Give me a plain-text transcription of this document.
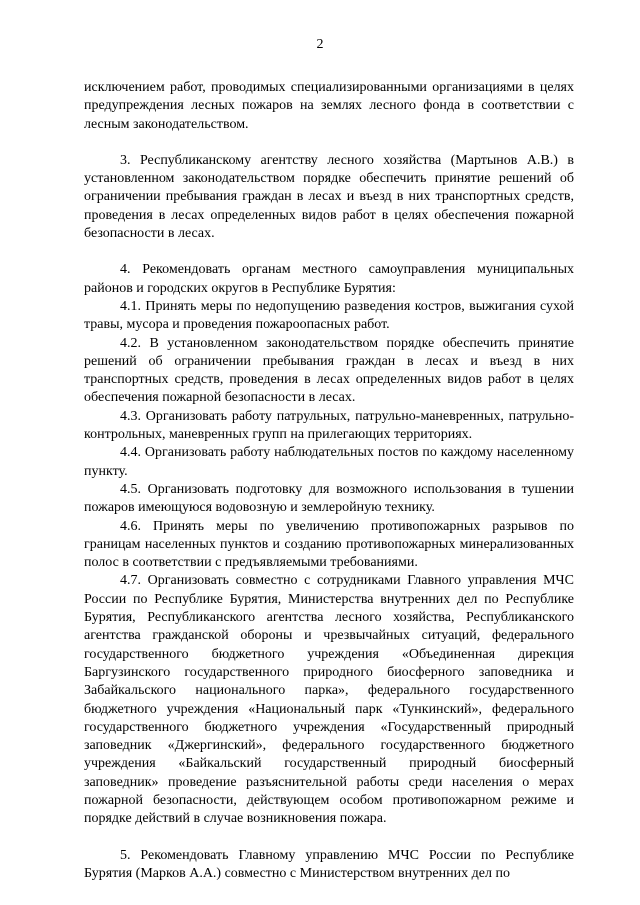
2

исключением работ, проводимых специализированными организациями в целях предупреждения лесных пожаров на землях лесного фонда в соответствии с лесным законодательством.

3. Республиканскому агентству лесного хозяйства (Мартынов А.В.) в установленном законодательством порядке обеспечить принятие решений об ограничении пребывания граждан в лесах и въезд в них транспортных средств, проведения в лесах определенных видов работ в целях обеспечения пожарной безопасности в лесах.

4. Рекомендовать органам местного самоуправления муниципальных районов и городских округов в Республике Бурятия:

4.1. Принять меры по недопущению разведения костров, выжигания сухой травы, мусора и проведения пожароопасных работ.

4.2. В установленном законодательством порядке обеспечить принятие решений об ограничении пребывания граждан в лесах и въезд в них транспортных средств, проведения в лесах определенных видов работ в целях обеспечения пожарной безопасности в лесах.

4.3. Организовать работу патрульных, патрульно-маневренных, патрульно-контрольных, маневренных групп на прилегающих территориях.

4.4. Организовать работу наблюдательных постов по каждому населенному пункту.

4.5. Организовать подготовку для возможного использования в тушении пожаров имеющуюся водовозную и землеройную технику.

4.6. Принять меры по увеличению противопожарных разрывов по границам населенных пунктов и созданию противопожарных минерализованных полос в соответствии с предъявляемыми требованиями.

4.7. Организовать совместно с сотрудниками Главного управления МЧС России по Республике Бурятия, Министерства внутренних дел по Республике Бурятия, Республиканского агентства лесного хозяйства, Республиканского агентства гражданской обороны и чрезвычайных ситуаций, федерального государственного бюджетного учреждения «Объединенная дирекция Баргузинского государственного природного биосферного заповедника и Забайкальского национального парка», федерального государственного бюджетного учреждения «Национальный парк «Тункинский», федерального государственного бюджетного учреждения «Государственный природный заповедник «Джергинский», федерального государственного бюджетного учреждения «Байкальский государственный природный биосферный заповедник» проведение разъяснительной работы среди населения о мерах пожарной безопасности, действующем особом противопожарном режиме и порядке действий в случае возникновения пожара.

5. Рекомендовать Главному управлению МЧС России по Республике Бурятия (Марков А.А.) совместно с Министерством внутренних дел по
